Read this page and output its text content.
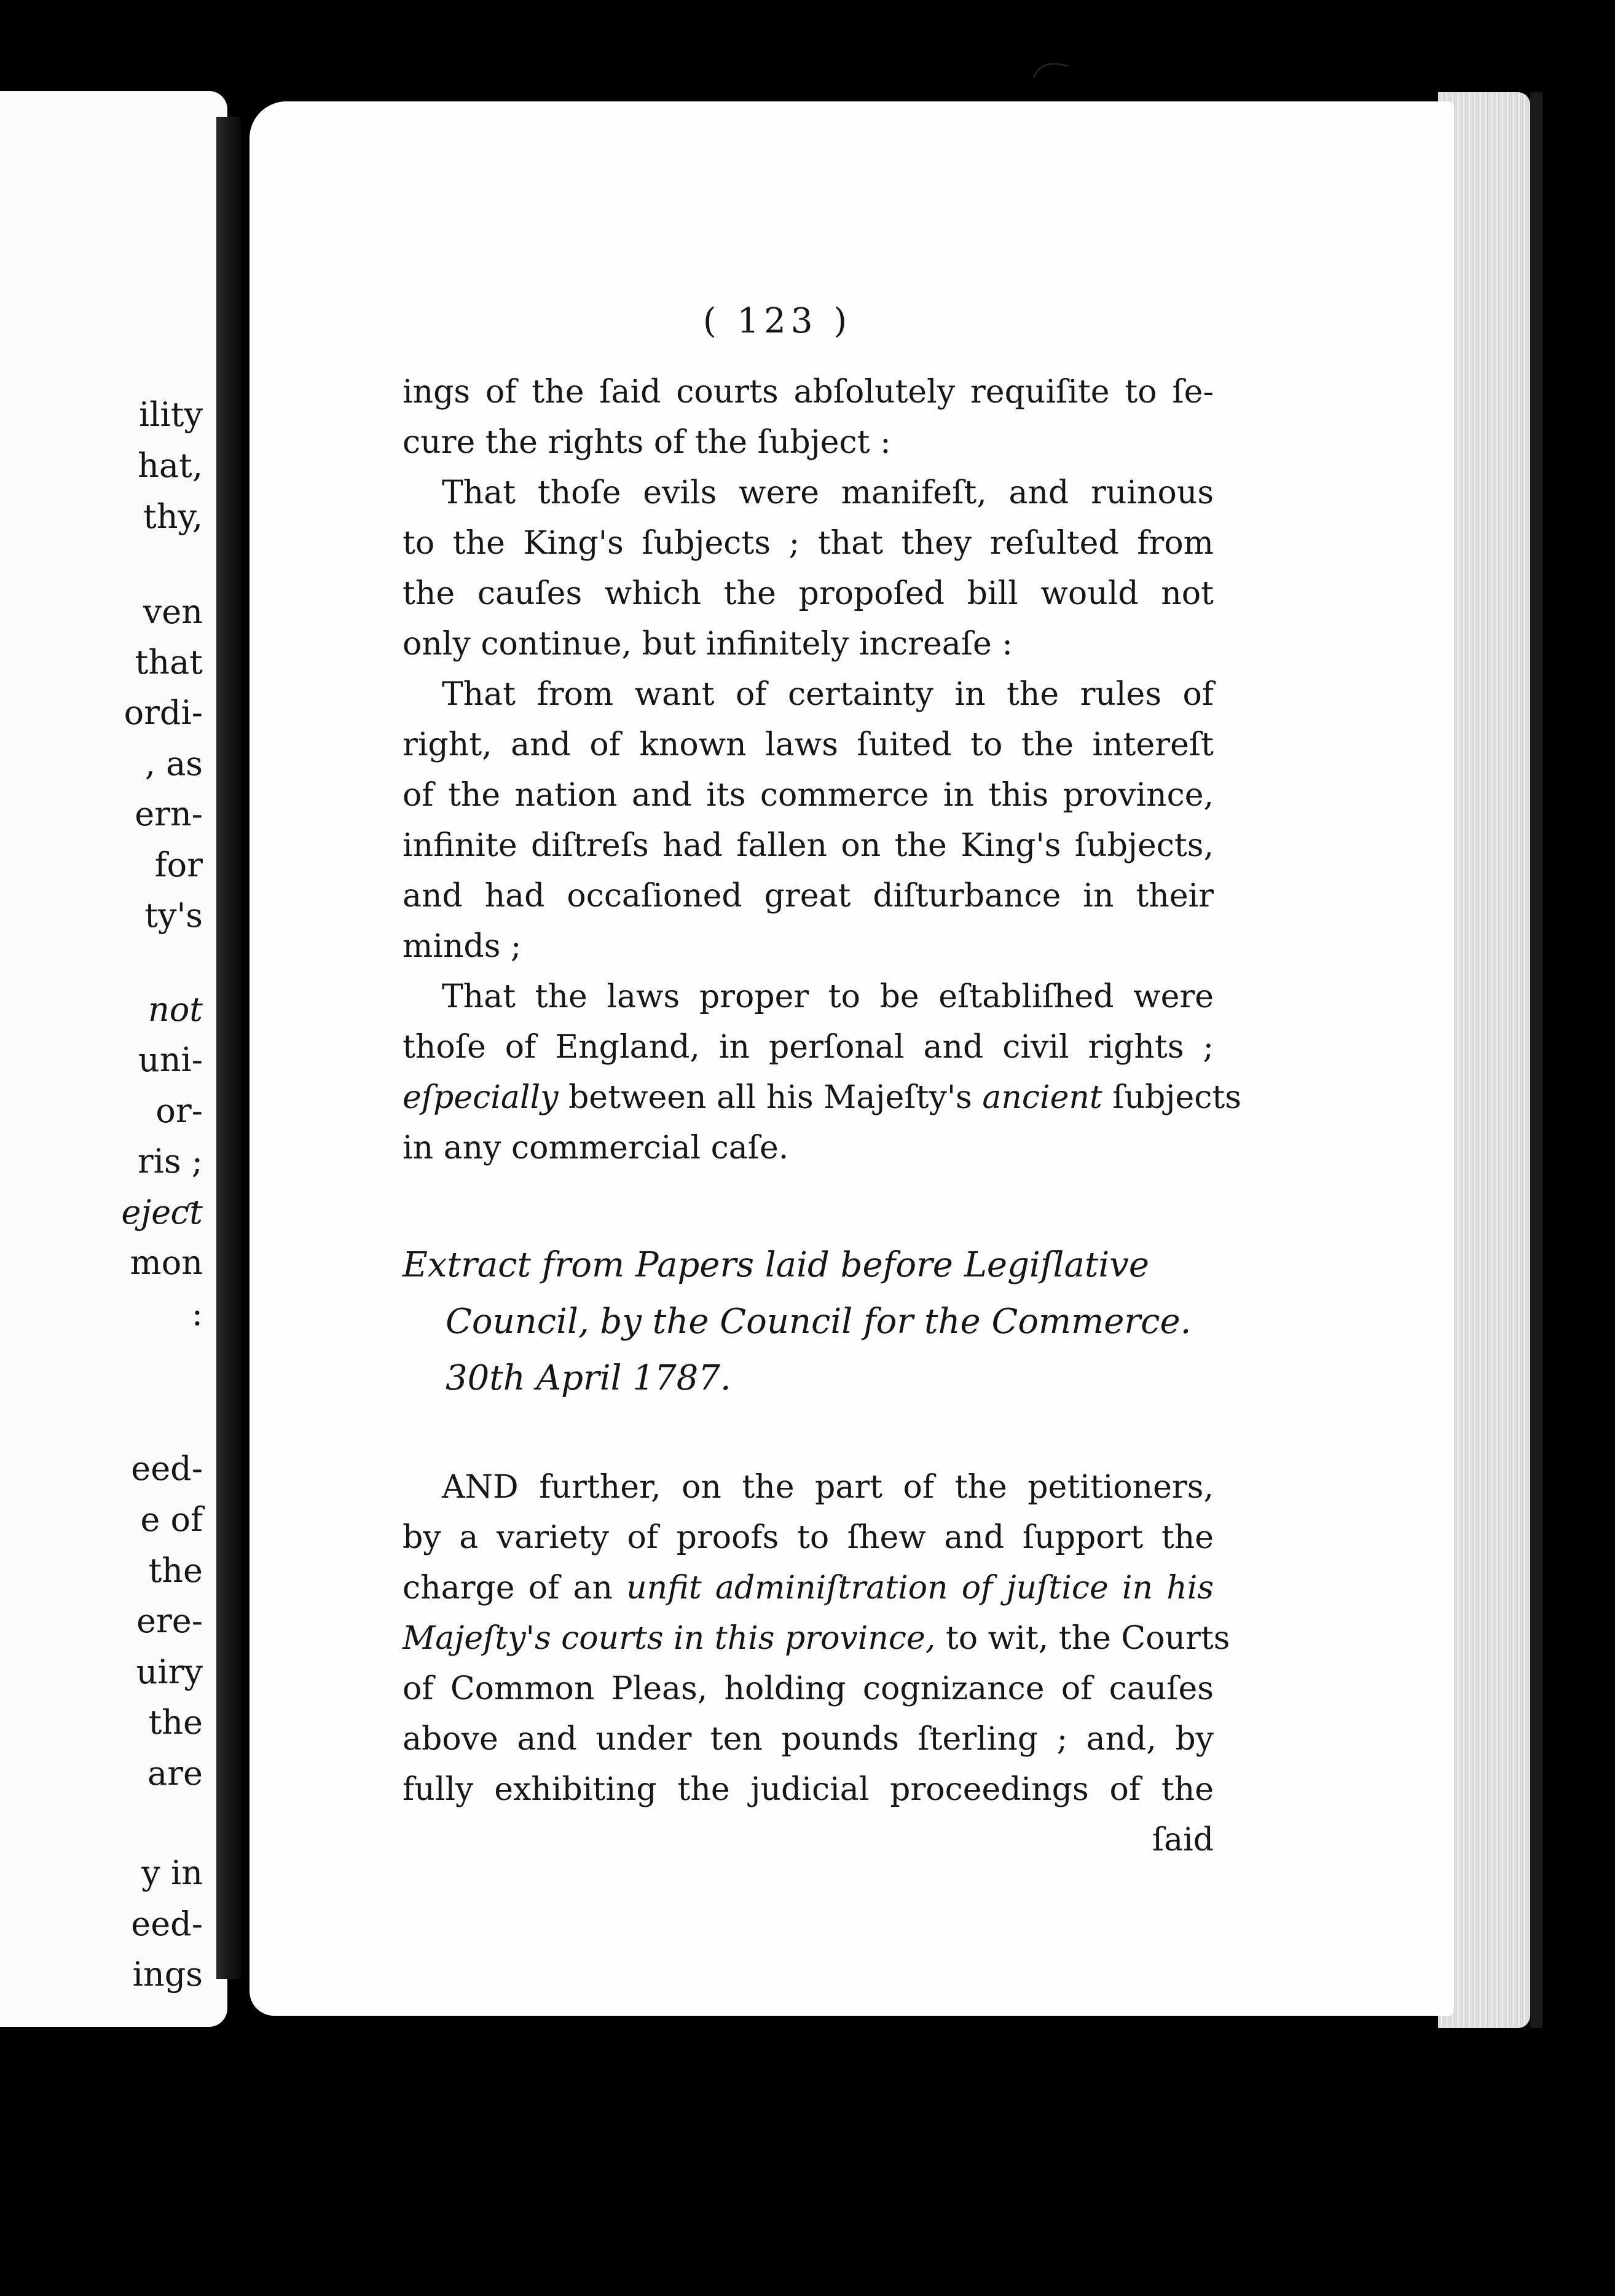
ility
hat,
thy,
ven
that
ordi-
, as
ern-
for
ty's
not
uni-
or-
ris ;
ejeƈt
mon
:
eed-
e of
the
ere-
uiry
the
are
y in
eed-
ings
( 123 )
ings of the ſaid courts abſolutely requiſite to ſe-
cure the rights of the ſubject :
That thoſe evils were manifeſt, and ruinous
to the King's ſubjects ; that they reſulted from
the cauſes which the propoſed bill would not
only continue, but infinitely increaſe :
That from want of certainty in the rules of
right, and of known laws ſuited to the intereſt
of the nation and its commerce in this province,
infinite diſtreſs had fallen on the King's ſubjects,
and had occaſioned great diſturbance in their
minds ;
That the laws proper to be eſtabliſhed were
thoſe of England, in perſonal and civil rights ;
eſpecially between all his Majeſty's ancient ſubjects
in any commercial caſe.
Extract from Papers laid before Legiſlative
Council, by the Council for the Commerce.
30th April 1787.
AND further, on the part of the petitioners,
by a variety of proofs to ſhew and ſupport the
charge of an unfit adminiſtration of juſtice in his
Majeſty's courts in this province, to wit, the Courts
of Common Pleas, holding cognizance of cauſes
above and under ten pounds ſterling ; and, by
fully exhibiting the judicial proceedings of the
ſaid
